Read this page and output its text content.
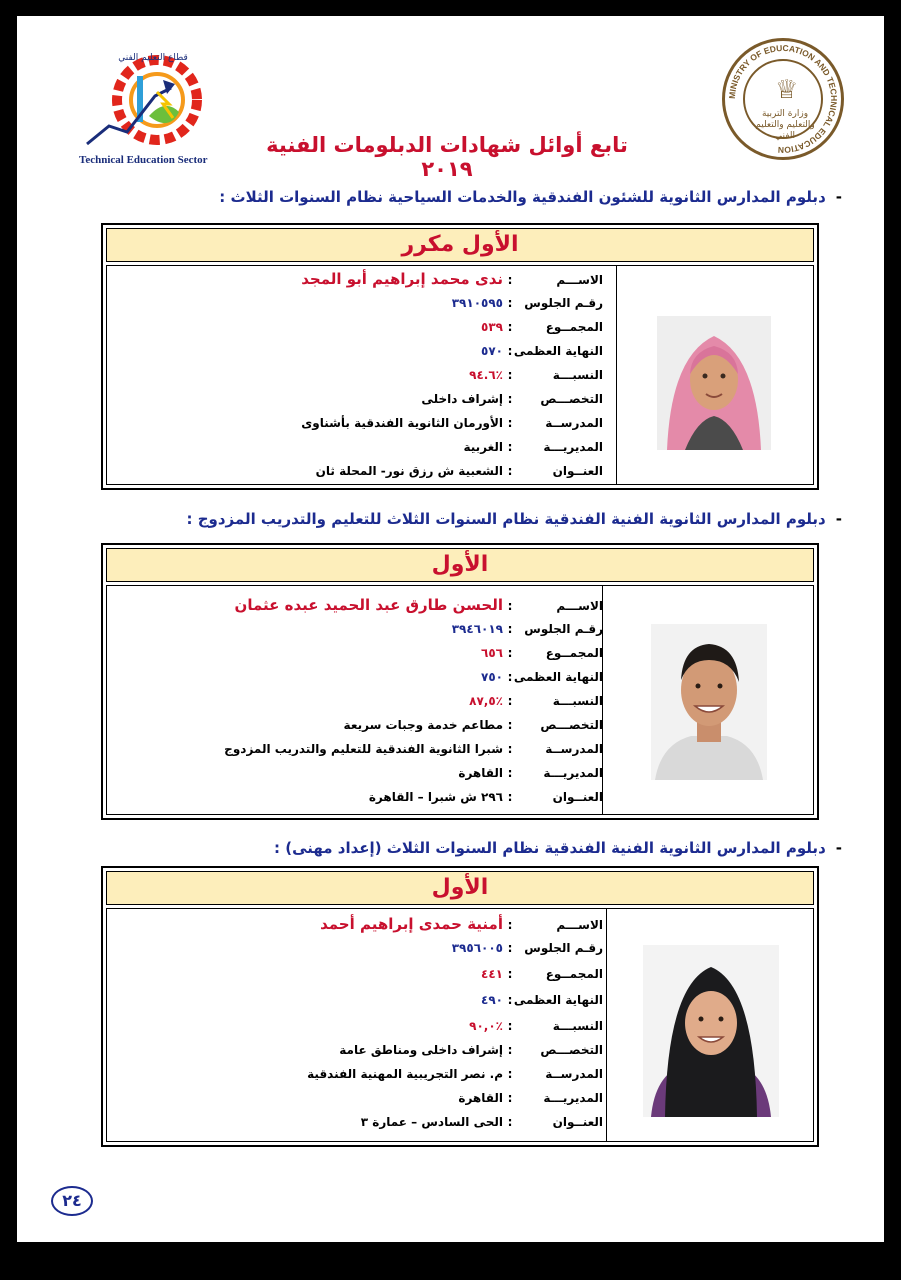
MINISTRY OF EDUCATION AND TECHNICAL EDUCATION
♕
وزارة التربية والتعليم والتعليم الفني
قطاع التعليم الفني
Technical Education Sector
تابع أوائل شهادات الدبلومات الفنية ٢٠١٩
-دبلوم المدارس الثانوية للشئون الفندقية والخدمات السياحية نظام السنوات الثلاث :
الأول مكرر
الاســـم:ندى محمد إبراهيم أبو المجد
رقـم الجلوس:٣٩١٠٥٩٥
المجمــوع:٥٣٩
النهاية العظمى:٥٧٠
النسبـــة:٪٩٤.٦
التخصـــص:إشراف داخلى
المدرســة:الأورمان الثانوية الفندقية بأشناوى
المديريـــة:الغربية
العنــوان:الشعبية ش رزق نور- المحلة ثان
-دبلوم المدارس الثانوية الفنية الفندقية نظام السنوات الثلاث للتعليم والتدريب المزدوج :
الأول
الاســـم:الحسن طارق عبد الحميد عبده عثمان
رقـم الجلوس:٣٩٤٦٠١٩
المجمــوع:٦٥٦
النهاية العظمى:٧٥٠
النسبـــة:٪٨٧,٥
التخصـــص:مطاعم خدمة وجبات سريعة
المدرســة:شبرا الثانوية الفندقية للتعليم والتدريب المزدوج
المديريـــة:القاهرة
العنــوان:٢٩٦ ش شبرا – القاهرة
-دبلوم المدارس الثانوية الفنية الفندقية نظام السنوات الثلاث (إعداد مهنى) :
الأول
الاســـم:أمنية حمدى إبراهيم أحمد
رقـم الجلوس:٣٩٥٦٠٠٥
المجمــوع:٤٤١
النهاية العظمى:٤٩٠
النسبـــة:٪٩٠,٠
التخصـــص:إشراف داخلى ومناطق عامة
المدرســة:م. نصر التجريبية المهنية الفندقية
المديريـــة:القاهرة
العنــوان:الحى السادس – عمارة ٣
٢٤
